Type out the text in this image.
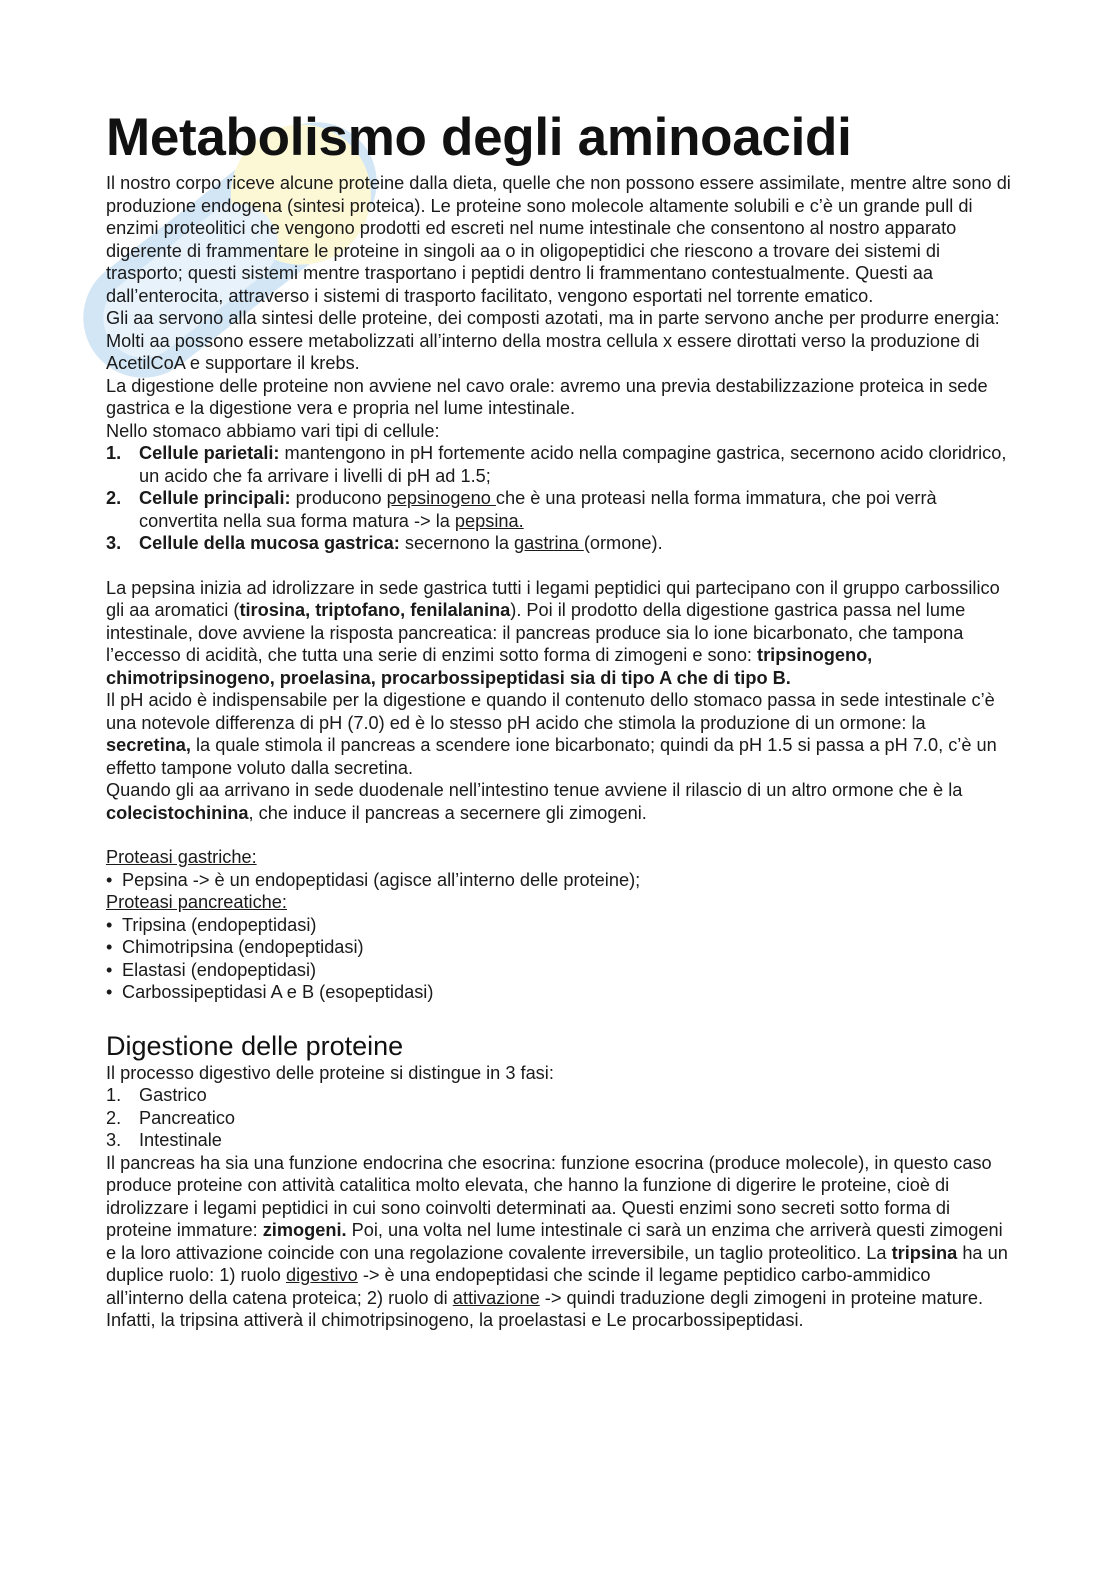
Metabolismo degli aminoacidi

Il nostro corpo riceve alcune proteine dalla dieta, quelle che non possono essere assimilate, mentre altre sono di produzione endogena (sintesi proteica). Le proteine sono molecole altamente solubili e c’è un grande pull di enzimi proteolitici che vengono prodotti ed escreti nel nume intestinale che consentono al nostro apparato digerente di frammentare le proteine in singoli aa o in oligopeptidici che riescono a trovare dei sistemi di trasporto; questi sistemi mentre trasportano i peptidi dentro li frammentano contestualmente. Questi aa dall’enterocita, attraverso i sistemi di trasporto facilitato, vengono esportati nel torrente ematico.

Gli aa servono alla sintesi delle proteine, dei composti azotati, ma in parte servono anche per produrre energia: Molti aa possono essere metabolizzati all’interno della mostra cellula x essere dirottati verso la produzione di AcetilCoA e supportare il krebs.

La digestione delle proteine non avviene nel cavo orale: avremo una previa destabilizzazione proteica in sede gastrica e la digestione vera e propria nel lume intestinale.

Nello stomaco abbiamo vari tipi di cellule:

1. Cellule parietali: mantengono in pH fortemente acido nella compagine gastrica, secernono acido cloridrico, un acido che fa arrivare i livelli di pH ad 1.5;
2. Cellule principali: producono pepsinogeno che è una proteasi nella forma immatura, che poi verrà convertita nella sua forma matura -> la pepsina.
3. Cellule della mucosa gastrica: secernono la gastrina (ormone).

La pepsina inizia ad idrolizzare in sede gastrica tutti i legami peptidici qui partecipano con il gruppo carbossilico gli aa aromatici (tirosina, triptofano, fenilalanina). Poi il prodotto della digestione gastrica passa nel lume intestinale, dove avviene la risposta pancreatica: il pancreas produce sia lo ione bicarbonato, che tampona l’eccesso di acidità, che tutta una serie di enzimi sotto forma di zimogeni e sono: tripsinogeno, chimotripsinogeno, proelasina, procarbossipeptidasi sia di tipo A che di tipo B.

Il pH acido è indispensabile per la digestione e quando il contenuto dello stomaco passa in sede intestinale c’è una notevole differenza di pH (7.0) ed è lo stesso pH acido che stimola la produzione di un ormone: la secretina, la quale stimola il pancreas a scendere ione bicarbonato; quindi da pH 1.5 si passa a pH 7.0, c’è un effetto tampone voluto dalla secretina.

Quando gli aa arrivano in sede duodenale nell’intestino tenue avviene il rilascio di un altro ormone che è la colecistochinina, che induce il pancreas a secernere gli zimogeni.

Proteasi gastriche:

• Pepsina -> è un endopeptidasi (agisce all’interno delle proteine);

Proteasi pancreatiche:

• Tripsina (endopeptidasi)
• Chimotripsina (endopeptidasi)
• Elastasi (endopeptidasi)
• Carbossipeptidasi A e B (esopeptidasi)
Digestione delle proteine

Il processo digestivo delle proteine si distingue in 3 fasi:

1. Gastrico
2. Pancreatico
3. Intestinale

Il pancreas ha sia una funzione endocrina che esocrina: funzione esocrina (produce molecole), in questo caso produce proteine con attività catalitica molto elevata, che hanno la funzione di digerire le proteine, cioè di idrolizzare i legami peptidici in cui sono coinvolti determinati aa. Questi enzimi sono secreti sotto forma di proteine immature: zimogeni. Poi, una volta nel lume intestinale ci sarà un enzima che arriverà questi zimogeni e la loro attivazione coincide con una regolazione covalente irreversibile, un taglio proteolitico. La tripsina ha un duplice ruolo: 1) ruolo digestivo -> è una endopeptidasi che scinde il legame peptidico carbo-ammidico all’interno della catena proteica; 2) ruolo di attivazione -> quindi traduzione degli zimogeni in proteine mature. Infatti, la tripsina attiverà il chimotripsinogeno, la proelastasi e Le procarbossipeptidasi.
